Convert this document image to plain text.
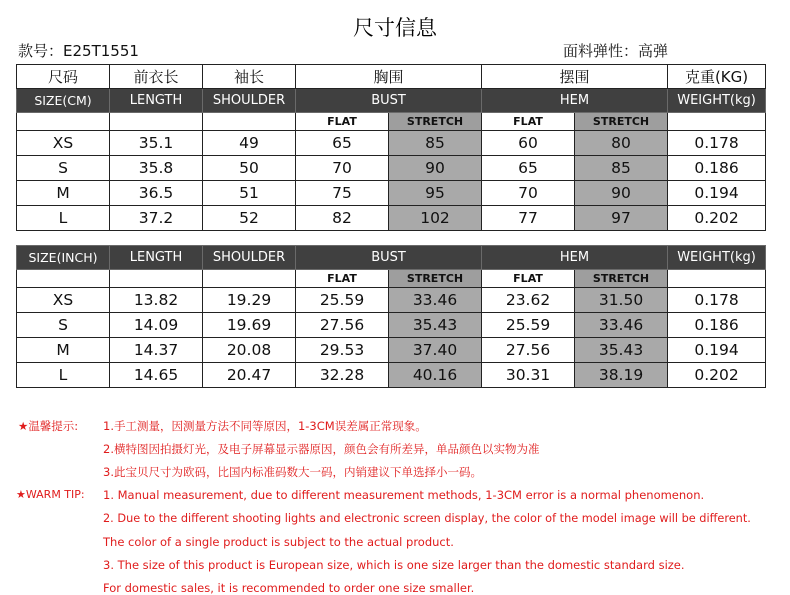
尺寸信息
款号：E25T1551	面料弹性：高弹
尺码	前衣长	袖长	胸围		摆围		克重(KG)
SIZE(CM)	LENGTH	SHOULDER	BUST		HEM		WEIGHT(kg)
			FLAT	STRETCH	FLAT	STRETCH	
XS	35.1	49	65	85	60	80	0.178
S	35.8	50	70	90	65	85	0.186
M	36.5	51	75	95	70	90	0.194
L	37.2	52	82	102	77	97	0.202
SIZE(INCH)	LENGTH	SHOULDER	BUST		HEM		WEIGHT(kg)
			FLAT	STRETCH	FLAT	STRETCH	
XS	13.82	19.29	25.59	33.46	23.62	31.50	0.178
S	14.09	19.69	27.56	35.43	25.59	33.46	0.186
M	14.37	20.08	29.53	37.40	27.56	35.43	0.194
L	14.65	20.47	32.28	40.16	30.31	38.19	0.202
★温馨提示: 1.手工测量，因测量方法不同等原因，1-3CM误差属正常现象。
2.横特图因拍摄灯光，及电子屏幕显示器原因，颜色会有所差异，单品颜色以实物为准
3.此宝贝尺寸为欧码，比国内标准码数大一码，内销建议下单选择小一码。
★WARM TIP: 1. Manual measurement, due to different measurement methods, 1-3CM error is a normal phenomenon.
2. Due to the different shooting lights and electronic screen display, the color of the model image will be different.
The color of a single product is subject to the actual product.
3. The size of this product is European size, which is one size larger than the domestic standard size.
For domestic sales, it is recommended to order one size smaller.
